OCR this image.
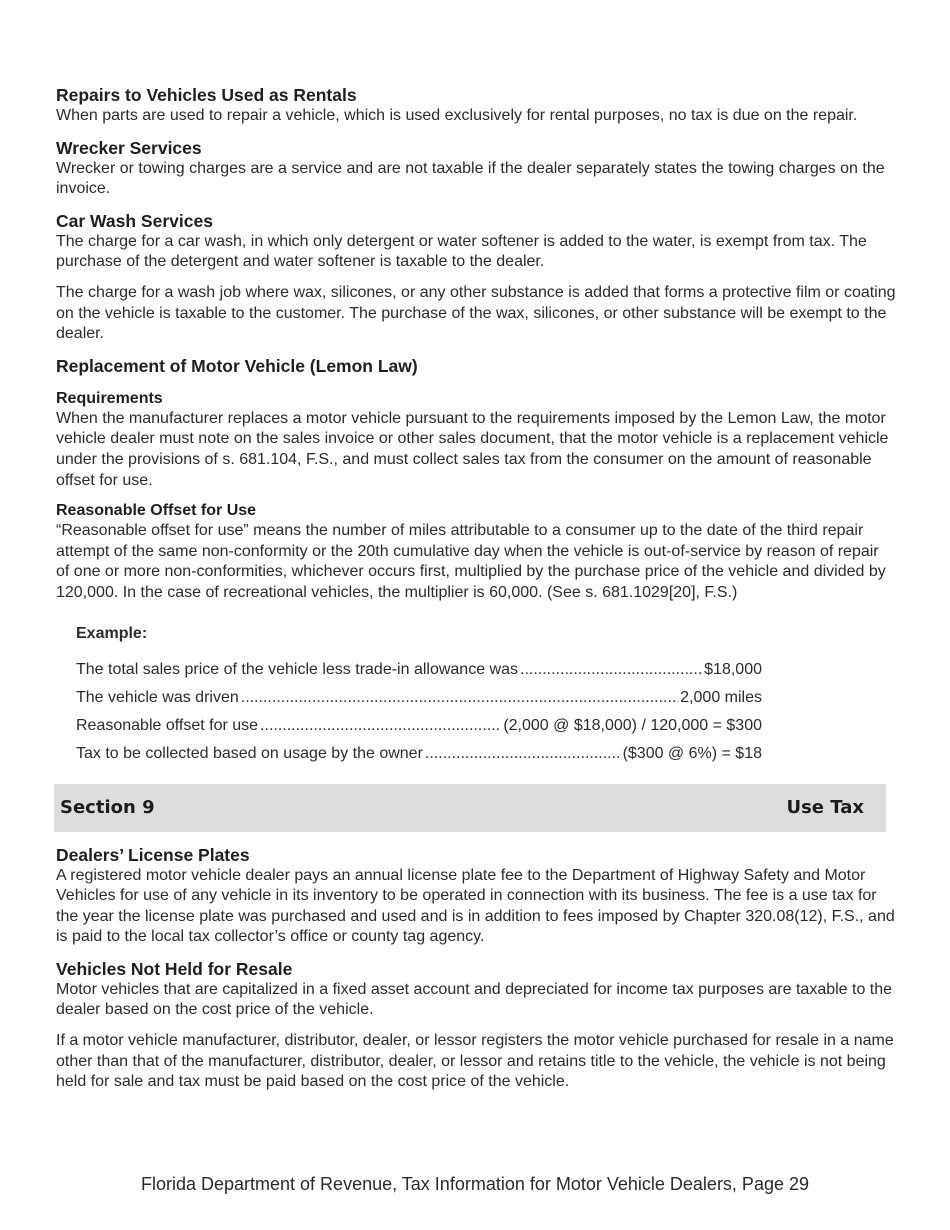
Repairs to Vehicles Used as Rentals

When parts are used to repair a vehicle, which is used exclusively for rental purposes, no tax is due on the repair.

Wrecker Services

Wrecker or towing charges are a service and are not taxable if the dealer separately states the towing charges on the invoice.

Car Wash Services

The charge for a car wash, in which only detergent or water softener is added to the water, is exempt from tax. The purchase of the detergent and water softener is taxable to the dealer.

The charge for a wash job where wax, silicones, or any other substance is added that forms a protective film or coating on the vehicle is taxable to the customer. The purchase of the wax, silicones, or other substance will be exempt to the dealer.

Replacement of Motor Vehicle (Lemon Law)
Requirements

When the manufacturer replaces a motor vehicle pursuant to the requirements imposed by the Lemon Law, the motor vehicle dealer must note on the sales invoice or other sales document, that the motor vehicle is a replacement vehicle under the provisions of s. 681.104, F.S., and must collect sales tax from the consumer on the amount of reasonable offset for use.

Reasonable Offset for Use

“Reasonable offset for use” means the number of miles attributable to a consumer up to the date of the third repair attempt of the same non-conformity or the 20th cumulative day when the vehicle is out-of-service by reason of repair of one or more non-conformities, whichever occurs first, multiplied by the purchase price of the vehicle and divided by 120,000. In the case of recreational vehicles, the multiplier is 60,000. (See s. 681.1029[20], F.S.)

Example:
The total sales price of the vehicle less trade-in allowance was .....	$18,000
The vehicle was driven .....	2,000 miles
Reasonable offset for use .....	(2,000 @ $18,000) / 120,000 = $300
Tax to be collected based on usage by the owner .....	($300 @ 6%) = $18
Section 9	Use Tax
Dealers’ License Plates

A registered motor vehicle dealer pays an annual license plate fee to the Department of Highway Safety and Motor Vehicles for use of any vehicle in its inventory to be operated in connection with its business. The fee is a use tax for the year the license plate was purchased and used and is in addition to fees imposed by Chapter 320.08(12), F.S., and is paid to the local tax collector’s office or county tag agency.

Vehicles Not Held for Resale

Motor vehicles that are capitalized in a fixed asset account and depreciated for income tax purposes are taxable to the dealer based on the cost price of the vehicle.

If a motor vehicle manufacturer, distributor, dealer, or lessor registers the motor vehicle purchased for resale in a name other than that of the manufacturer, distributor, dealer, or lessor and retains title to the vehicle, the vehicle is not being held for sale and tax must be paid based on the cost price of the vehicle.

Florida Department of Revenue, Tax Information for Motor Vehicle Dealers, Page 29
